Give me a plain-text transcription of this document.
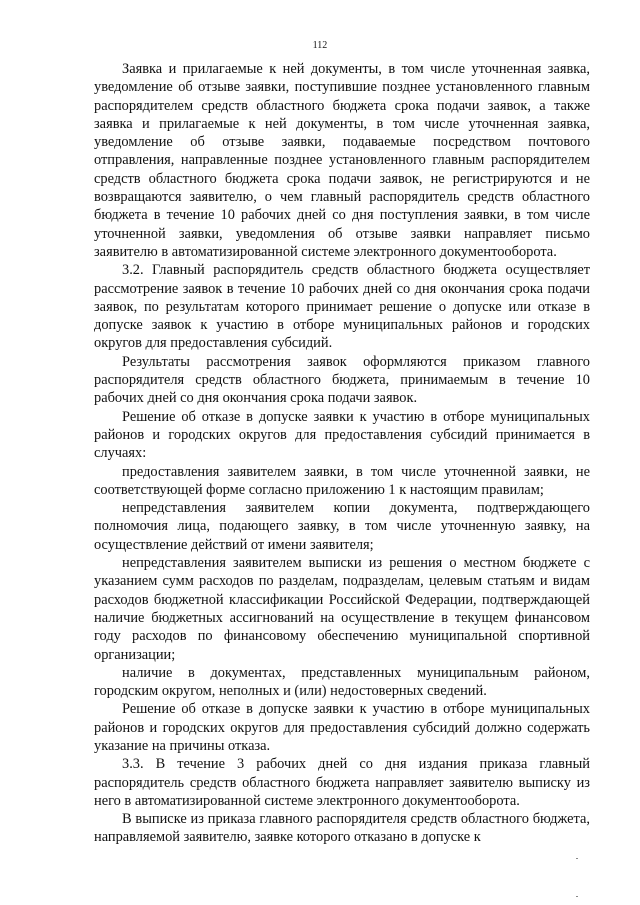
112

Заявка и прилагаемые к ней документы, в том числе уточненная заявка, уведомление об отзыве заявки, поступившие позднее установленного главным распорядителем средств областного бюджета срока подачи заявок, а также заявка и прилагаемые к ней документы, в том числе уточненная заявка, уведомление об отзыве заявки, подаваемые посредством почтового отправления, направленные позднее установленного главным распорядителем средств областного бюджета срока подачи заявок, не регистрируются и не возвращаются заявителю, о чем главный распорядитель средств областного бюджета в течение 10 рабочих дней со дня поступления заявки, в том числе уточненной заявки, уведомления об отзыве заявки направляет письмо заявителю в автоматизированной системе электронного документооборота.

3.2. Главный распорядитель средств областного бюджета осуществляет рассмотрение заявок в течение 10 рабочих дней со дня окончания срока подачи заявок, по результатам которого принимает решение о допуске или отказе в допуске заявок к участию в отборе муниципальных районов и городских округов для предоставления субсидий.

Результаты рассмотрения заявок оформляются приказом главного распорядителя средств областного бюджета, принимаемым в течение 10 рабочих дней со дня окончания срока подачи заявок.

Решение об отказе в допуске заявки к участию в отборе муниципальных районов и городских округов для предоставления субсидий принимается в случаях:

предоставления заявителем заявки, в том числе уточненной заявки, не соответствующей форме согласно приложению 1 к настоящим правилам;

непредставления заявителем копии документа, подтверждающего полномочия лица, подающего заявку, в том числе уточненную заявку, на осуществление действий от имени заявителя;

непредставления заявителем выписки из решения о местном бюджете с указанием сумм расходов по разделам, подразделам, целевым статьям и видам расходов бюджетной классификации Российской Федерации, подтверждающей наличие бюджетных ассигнований на осуществление в текущем финансовом году расходов по финансовому обеспечению муниципальной спортивной организации;

наличие в документах, представленных муниципальным районом, городским округом, неполных и (или) недостоверных сведений.

Решение об отказе в допуске заявки к участию в отборе муниципальных районов и городских округов для предоставления субсидий должно содержать указание на причины отказа.

3.3. В течение 3 рабочих дней со дня издания приказа главный распорядитель средств областного бюджета направляет заявителю выписку из него в автоматизированной системе электронного документооборота.

В выписке из приказа главного распорядителя средств областного бюджета, направляемой заявителю, заявке которого отказано в допуске к
